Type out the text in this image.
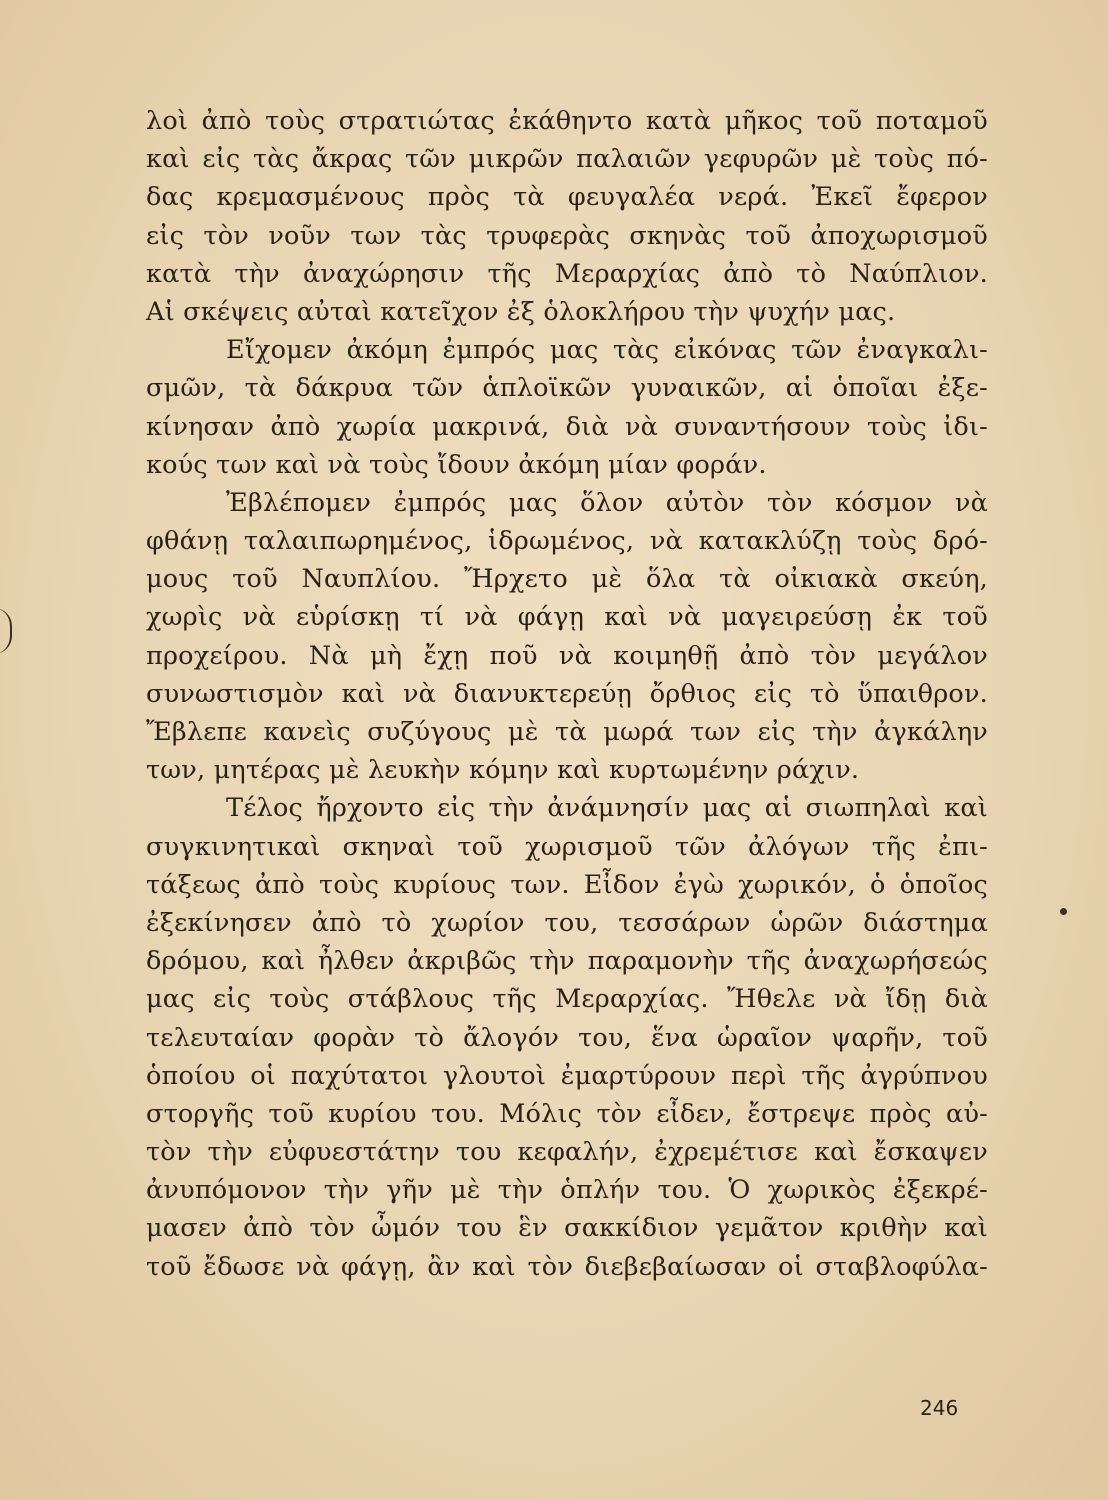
λοὶ ἀπὸ τοὺς στρατιώτας ἐκάθηντο κατὰ μῆκος τοῦ ποταμοῦ
καὶ εἰς τὰς ἄκρας τῶν μικρῶν παλαιῶν γεφυρῶν μὲ τοὺς πό-
δας κρεμασμένους πρὸς τὰ φευγαλέα νερά. Ἐκεῖ ἔφερον
εἰς τὸν νοῦν των τὰς τρυφερὰς σκηνὰς τοῦ ἀποχωρισμοῦ
κατὰ τὴν ἀναχώρησιν τῆς Μεραρχίας ἀπὸ τὸ Ναύπλιον.
Αἱ σκέψεις αὐταὶ κατεῖχον ἐξ ὁλοκλήρου τὴν ψυχήν μας.
Εἴχομεν ἀκόμη ἐμπρός μας τὰς εἰκόνας τῶν ἐναγκαλι-
σμῶν, τὰ δάκρυα τῶν ἁπλοϊκῶν γυναικῶν, αἱ ὁποῖαι ἐξε-
κίνησαν ἀπὸ χωρία μακρινά, διὰ νὰ συναντήσουν τοὺς ἰδι-
κούς των καὶ νὰ τοὺς ἴδουν ἀκόμη μίαν φοράν.
Ἐβλέπομεν ἐμπρός μας ὅλον αὐτὸν τὸν κόσμον νὰ
φθάνῃ ταλαιπωρημένος, ἱδρωμένος, νὰ κατακλύζῃ τοὺς δρό-
μους τοῦ Ναυπλίου. Ἤρχετο μὲ ὅλα τὰ οἰκιακὰ σκεύη,
χωρὶς νὰ εὑρίσκῃ τί νὰ φάγῃ καὶ νὰ μαγειρεύσῃ ἐκ τοῦ
προχείρου. Νὰ μὴ ἔχῃ ποῦ νὰ κοιμηθῇ ἀπὸ τὸν μεγάλον
συνωστισμὸν καὶ νὰ διανυκτερεύῃ ὄρθιος εἰς τὸ ὕπαιθρον.
Ἔβλεπε κανεὶς συζύγους μὲ τὰ μωρά των εἰς τὴν ἀγκάλην
των, μητέρας μὲ λευκὴν κόμην καὶ κυρτωμένην ράχιν.
Τέλος ἤρχοντο εἰς τὴν ἀνάμνησίν μας αἱ σιωπηλαὶ καὶ
συγκινητικαὶ σκηναὶ τοῦ χωρισμοῦ τῶν ἀλόγων τῆς ἐπι-
τάξεως ἀπὸ τοὺς κυρίους των. Εἶδον ἐγὼ χωρικόν, ὁ ὁποῖος
ἐξεκίνησεν ἀπὸ τὸ χωρίον του, τεσσάρων ὡρῶν διάστημα
δρόμου, καὶ ἦλθεν ἀκριβῶς τὴν παραμονὴν τῆς ἀναχωρήσεώς
μας εἰς τοὺς στάβλους τῆς Μεραρχίας. Ἤθελε νὰ ἴδῃ διὰ
τελευταίαν φορὰν τὸ ἄλογόν του, ἕνα ὡραῖον ψαρῆν, τοῦ
ὁποίου οἱ παχύτατοι γλουτοὶ ἐμαρτύρουν περὶ τῆς ἀγρύπνου
στοργῆς τοῦ κυρίου του. Μόλις τὸν εἶδεν, ἔστρεψε πρὸς αὐ-
τὸν τὴν εὐφυεστάτην του κεφαλήν, ἐχρεμέτισε καὶ ἔσκαψεν
ἀνυπόμονον τὴν γῆν μὲ τὴν ὁπλήν του. Ὁ χωρικὸς ἐξεκρέ-
μασεν ἀπὸ τὸν ὦμόν του ἓν σακκίδιον γεμᾶτον κριθὴν καὶ
τοῦ ἔδωσε νὰ φάγῃ, ἂν καὶ τὸν διεβεβαίωσαν οἱ σταβλοφύλα-
246
